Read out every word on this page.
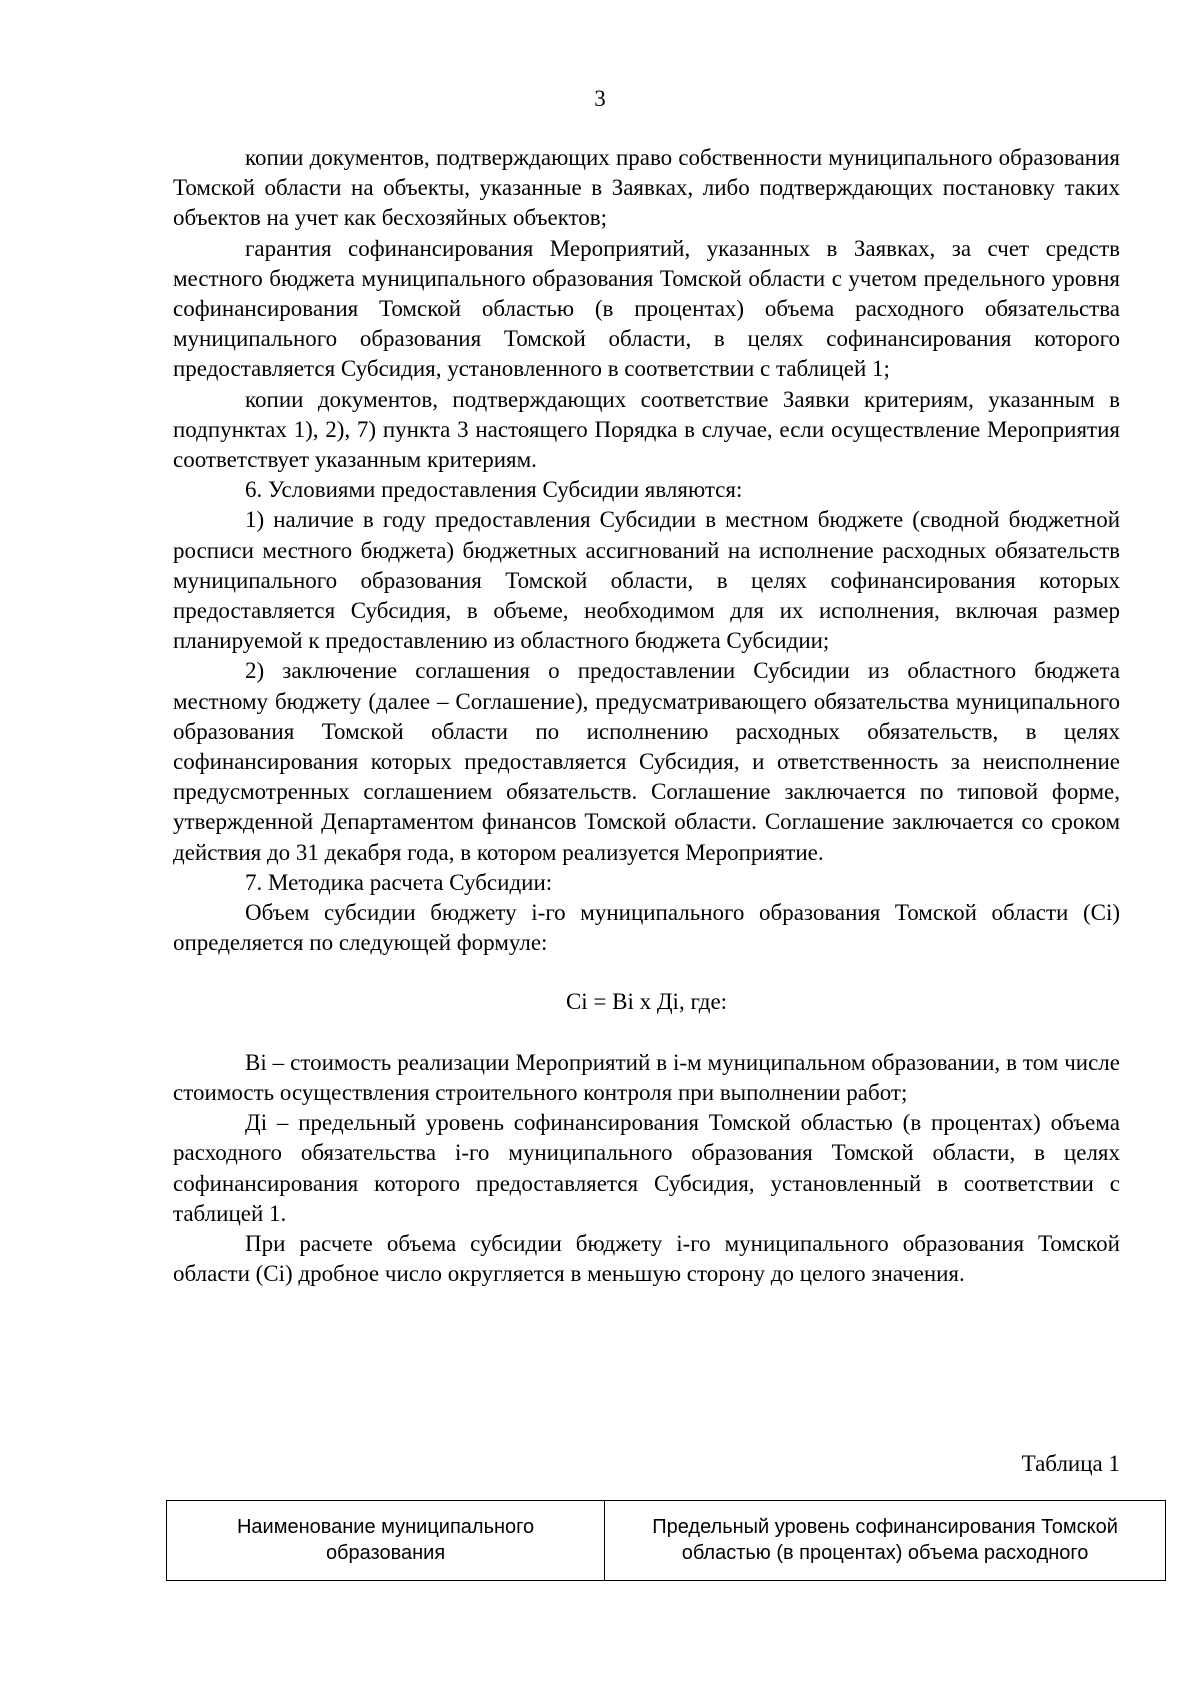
3

копии документов, подтверждающих право собственности муниципального образования Томской области на объекты, указанные в Заявках, либо подтверждающих постановку таких объектов на учет как бесхозяйных объектов;

гарантия софинансирования Мероприятий, указанных в Заявках, за счет средств местного бюджета муниципального образования Томской области с учетом предельного уровня софинансирования Томской областью (в процентах) объема расходного обязательства муниципального образования Томской области, в целях софинансирования которого предоставляется Субсидия, установленного в соответствии с таблицей 1;

копии документов, подтверждающих соответствие Заявки критериям, указанным в подпунктах 1), 2), 7) пункта 3 настоящего Порядка в случае, если осуществление Мероприятия соответствует указанным критериям.

6. Условиями предоставления Субсидии являются:

1) наличие в году предоставления Субсидии в местном бюджете (сводной бюджетной росписи местного бюджета) бюджетных ассигнований на исполнение расходных обязательств муниципального образования Томской области, в целях софинансирования которых предоставляется Субсидия, в объеме, необходимом для их исполнения, включая размер планируемой к предоставлению из областного бюджета Субсидии;

2) заключение соглашения о предоставлении Субсидии из областного бюджета местному бюджету (далее – Соглашение), предусматривающего обязательства муниципального образования Томской области по исполнению расходных обязательств, в целях софинансирования которых предоставляется Субсидия, и ответственность за неисполнение предусмотренных соглашением обязательств. Соглашение заключается по типовой форме, утвержденной Департаментом финансов Томской области. Соглашение заключается со сроком действия до 31 декабря года, в котором реализуется Мероприятие.

7. Методика расчета Субсидии:

Объем субсидии бюджету i-го муниципального образования Томской области (Ci) определяется по следующей формуле:

Ci = Bi x Дi, где:

Bi – стоимость реализации Мероприятий в i-м муниципальном образовании, в том числе стоимость осуществления строительного контроля при выполнении работ;

Дi – предельный уровень софинансирования Томской областью (в процентах) объема расходного обязательства i-го муниципального образования Томской области, в целях софинансирования которого предоставляется Субсидия, установленный в соответствии с таблицей 1.

При расчете объема субсидии бюджету i-го муниципального образования Томской области (Ci) дробное число округляется в меньшую сторону до целого значения.

Таблица 1
Наименование муниципального образования	Предельный уровень софинансирования Томской областью (в процентах) объема расходного
